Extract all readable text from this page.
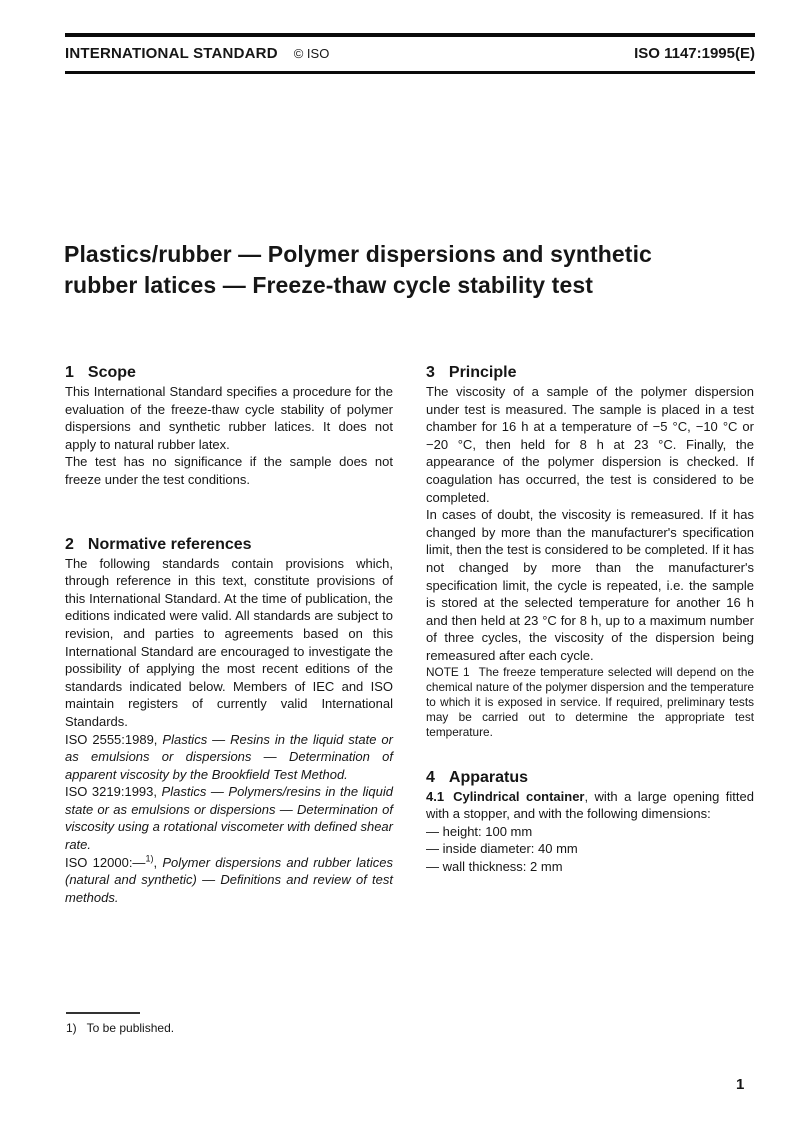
INTERNATIONAL STANDARD © ISO	ISO 1147:1995(E)
Plastics/rubber — Polymer dispersions and synthetic
rubber latices — Freeze-thaw cycle stability test
1 Scope

This International Standard specifies a procedure for the evaluation of the freeze-thaw cycle stability of polymer dispersions and synthetic rubber latices. It does not apply to natural rubber latex.

The test has no significance if the sample does not freeze under the test conditions.

2 Normative references

The following standards contain provisions which, through reference in this text, constitute provisions of this International Standard. At the time of publication, the editions indicated were valid. All standards are subject to revision, and parties to agreements based on this International Standard are encouraged to investigate the possibility of applying the most recent editions of the standards indicated below. Members of IEC and ISO maintain registers of currently valid International Standards.

ISO 2555:1989, Plastics — Resins in the liquid state or as emulsions or dispersions — Determination of apparent viscosity by the Brookfield Test Method.

ISO 3219:1993, Plastics — Polymers/resins in the liquid state or as emulsions or dispersions — Determination of viscosity using a rotational viscometer with defined shear rate.

ISO 12000:—$^{1)}$, Polymer dispersions and rubber latices (natural and synthetic) — Definitions and review of test methods.

3 Principle

The viscosity of a sample of the polymer dispersion under test is measured. The sample is placed in a test chamber for 16 h at a temperature of −5 °C, −10 °C or −20 °C, then held for 8 h at 23 °C. Finally, the appearance of the polymer dispersion is checked. If coagulation has occurred, the test is considered to be completed.

In cases of doubt, the viscosity is remeasured. If it has changed by more than the manufacturer's specification limit, then the test is considered to be completed. If it has not changed by more than the manufacturer's specification limit, the cycle is repeated, i.e. the sample is stored at the selected temperature for another 16 h and then held at 23 °C for 8 h, up to a maximum number of three cycles, the viscosity of the dispersion being remeasured after each cycle.

NOTE 1 The freeze temperature selected will depend on the chemical nature of the polymer dispersion and the temperature to which it is exposed in service. If required, preliminary tests may be carried out to determine the appropriate test temperature.

4 Apparatus

4.1 Cylindrical container, with a large opening fitted with a stopper, and with the following dimensions:

— height: 100 mm

— inside diameter: 40 mm

— wall thickness: 2 mm

1) To be published.
1
